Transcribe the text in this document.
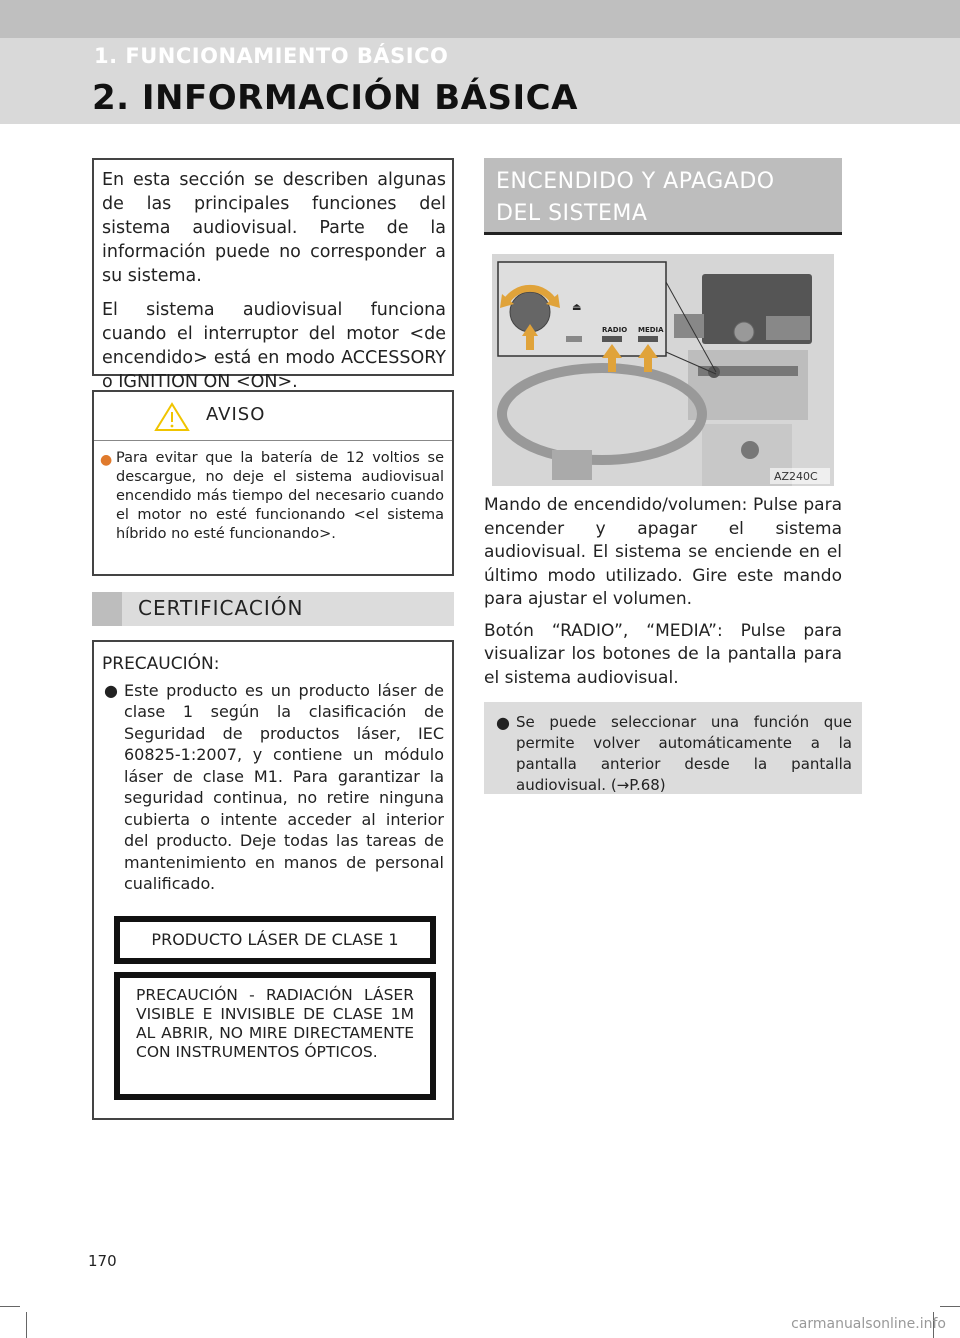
1. FUNCIONAMIENTO BÁSICO
2. INFORMACIÓN BÁSICA

En esta sección se describen algunas de las principales funciones del sistema audiovisual. Parte de la información puede no corresponder a su sistema.

El sistema audiovisual funciona cuando el interruptor del motor <de encendido> está en modo ACCESSORY o IGNITION ON <ON>.

AVISO
● Para evitar que la batería de 12 voltios se descargue, no deje el sistema audiovisual encendido más tiempo del necesario cuando el motor no esté funcionando <el sistema híbrido no esté funcionando>.
CERTIFICACIÓN
PRECAUCIÓN:
● Este producto es un producto láser de clase 1 según la clasificación de Seguridad de productos láser, IEC 60825-1:2007, y contiene un módulo láser de clase M1. Para garantizar la seguridad continua, no retire ninguna cubierta o intente acceder al interior del producto. Deje todas las tareas de mantenimiento en manos de personal cualificado.
PRODUCTO LÁSER DE CLASE 1
PRECAUCIÓN - RADIACIÓN LÁSER VISIBLE E INVISIBLE DE CLASE 1M AL ABRIR, NO MIRE DIRECTAMENTE CON INSTRUMENTOS ÓPTICOS.
ENCENDIDO Y APAGADO
DEL SISTEMA
⏏
RADIO MEDIA
AZ240C

Mando de encendido/volumen: Pulse para encender y apagar el sistema audiovisual. El sistema se enciende en el último modo utilizado. Gire este mando para ajustar el volumen.

Botón “RADIO”, “MEDIA”: Pulse para visualizar los botones de la pantalla para el sistema audiovisual.

● Se puede seleccionar una función que permite volver automáticamente a la pantalla anterior desde la pantalla audiovisual. (→P.68)
170
carmanualsonline.info
